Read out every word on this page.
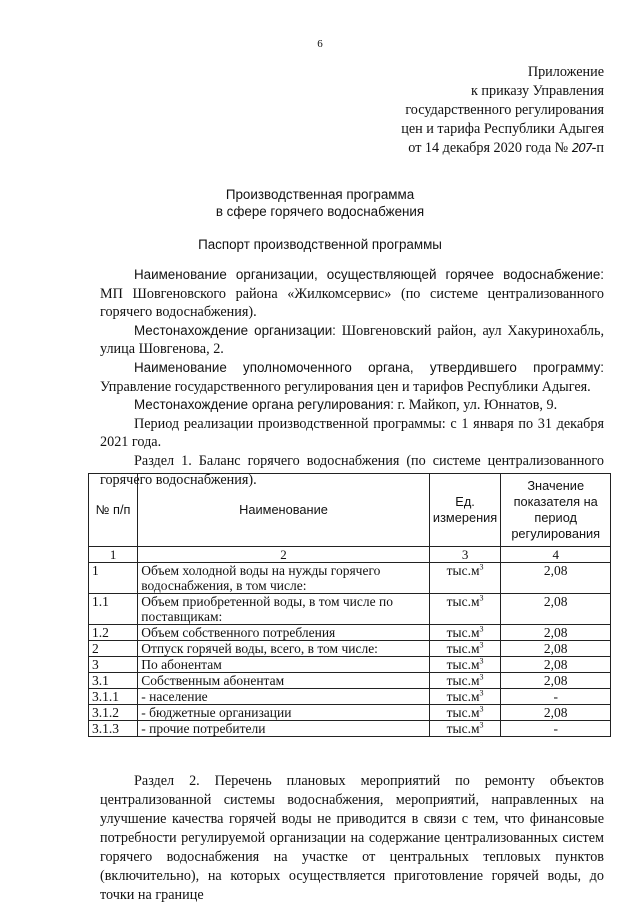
6
Приложение
к приказу Управления
государственного регулирования
цен и тарифа Республики Адыгея
от 14 декабря 2020 года № 207-п
Производственная программа
в сфере горячего водоснабжения
Паспорт производственной программы

Наименование организации, осуществляющей горячее водоснабжение: МП Шовгеновского района «Жилкомсервис» (по системе централизованного горячего водоснабжения).

Местонахождение организации: Шовгеновский район, аул Хакуринохабль, улица Шовгенова, 2.

Наименование уполномоченного органа, утвердившего программу: Управление государственного регулирования цен и тарифов Республики Адыгея.

Местонахождение органа регулирования: г. Майкоп, ул. Юннатов, 9.

Период реализации производственной программы: с 1 января по 31 декабря 2021 года.

Раздел 1. Баланс горячего водоснабжения (по системе централизованного горячего водоснабжения).

№ п/п	Наименование	Ед. измерения	Значение показателя на период регулирования
1	2	3	4
1	Объем холодной воды на нужды горячего водоснабжения, в том числе:	$тыс.м^3$	2,08
1.1	Объем приобретенной воды, в том числе по поставщикам:	$тыс.м^3$	2,08
1.2	Объем собственного потребления	$тыс.м^3$	2,08
2	Отпуск горячей воды, всего, в том числе:	$тыс.м^3$	2,08
3	По абонентам	$тыс.м^3$	2,08
3.1	Собственным абонентам	$тыс.м^3$	2,08
3.1.1	- население	$тыс.м^3$	-
3.1.2	- бюджетные организации	$тыс.м^3$	2,08
3.1.3	- прочие потребители	$тыс.м^3$	-

Раздел 2. Перечень плановых мероприятий по ремонту объектов централизованной системы водоснабжения, мероприятий, направленных на улучшение качества горячей воды не приводится в связи с тем, что финансовые потребности регулируемой организации на содержание централизованных систем горячего водоснабжения на участке от центральных тепловых пунктов (включительно), на которых осуществляется приготовление горячей воды, до точки на границе
